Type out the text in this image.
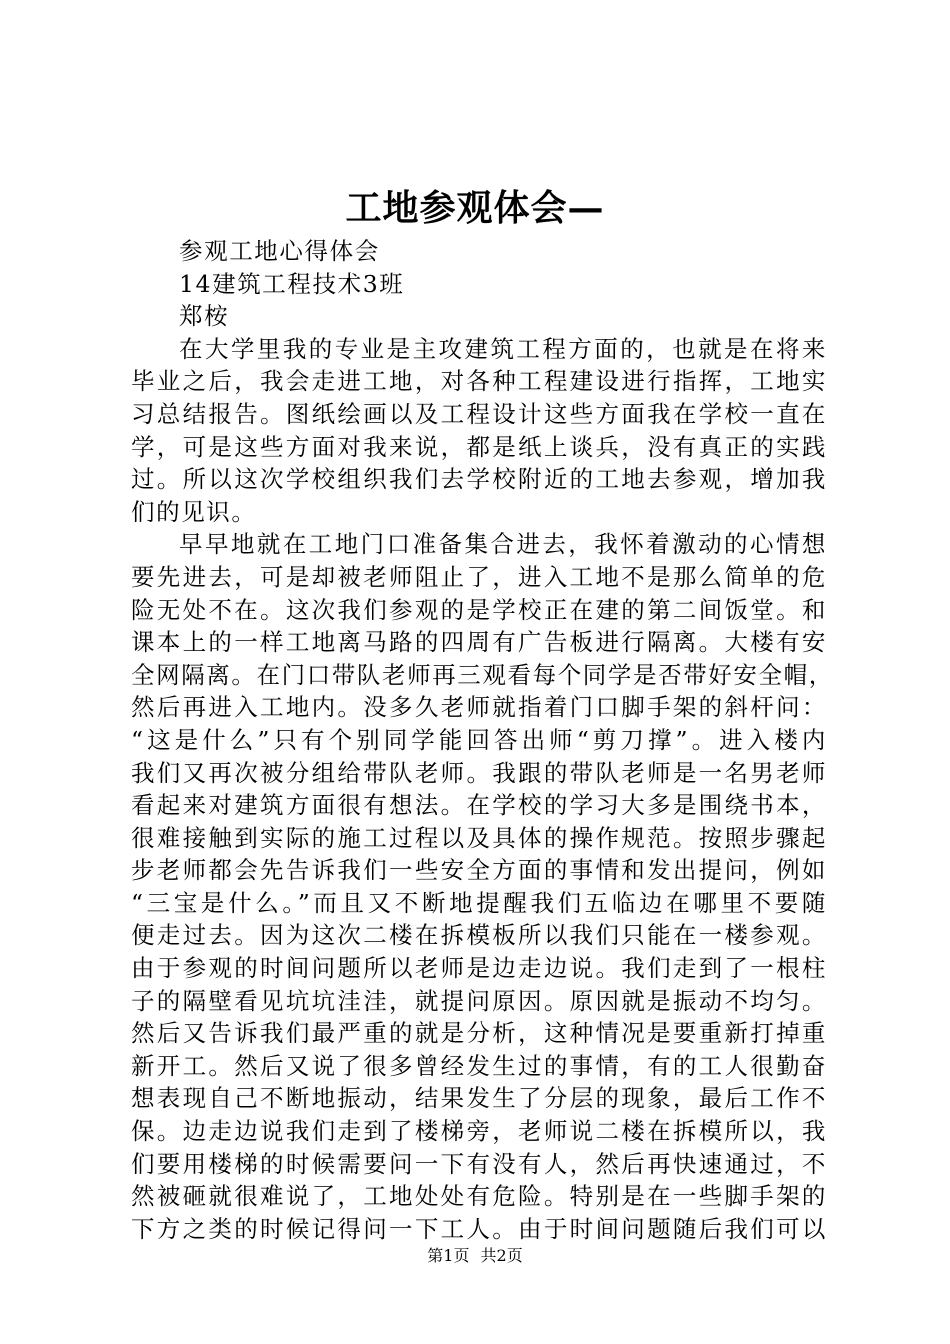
工地参观体会—

参观工地心得体会

14建筑工程技术3班

郑桉

在大学里我的专业是主攻建筑工程方面的，也就是在将来

毕业之后，我会走进工地，对各种工程建设进行指挥，工地实

习总结报告。图纸绘画以及工程设计这些方面我在学校一直在

学，可是这些方面对我来说，都是纸上谈兵，没有真正的实践

过。所以这次学校组织我们去学校附近的工地去参观，增加我

们的见识。

早早地就在工地门口准备集合进去，我怀着激动的心情想

要先进去，可是却被老师阻止了，进入工地不是那么简单的危

险无处不在。这次我们参观的是学校正在建的第二间饭堂。和

课本上的一样工地离马路的四周有广告板进行隔离。大楼有安

全网隔离。在门口带队老师再三观看每个同学是否带好安全帽，

然后再进入工地内。没多久老师就指着门口脚手架的斜杆问：

“这是什么”只有个别同学能回答出师“剪刀撑”。进入楼内

我们又再次被分组给带队老师。我跟的带队老师是一名男老师

看起来对建筑方面很有想法。在学校的学习大多是围绕书本，

很难接触到实际的施工过程以及具体的操作规范。按照步骤起

步老师都会先告诉我们一些安全方面的事情和发出提问，例如

“三宝是什么。”而且又不断地提醒我们五临边在哪里不要随

便走过去。因为这次二楼在拆模板所以我们只能在一楼参观。

由于参观的时间问题所以老师是边走边说。我们走到了一根柱

子的隔壁看见坑坑洼洼，就提问原因。原因就是振动不均匀。

然后又告诉我们最严重的就是分析，这种情况是要重新打掉重

新开工。然后又说了很多曾经发生过的事情，有的工人很勤奋

想表现自己不断地振动，结果发生了分层的现象，最后工作不

保。边走边说我们走到了楼梯旁，老师说二楼在拆模所以，我

们要用楼梯的时候需要问一下有没有人，然后再快速通过，不

然被砸就很难说了，工地处处有危险。特别是在一些脚手架的

下方之类的时候记得问一下工人。由于时间问题随后我们可以

第1页 共2页
